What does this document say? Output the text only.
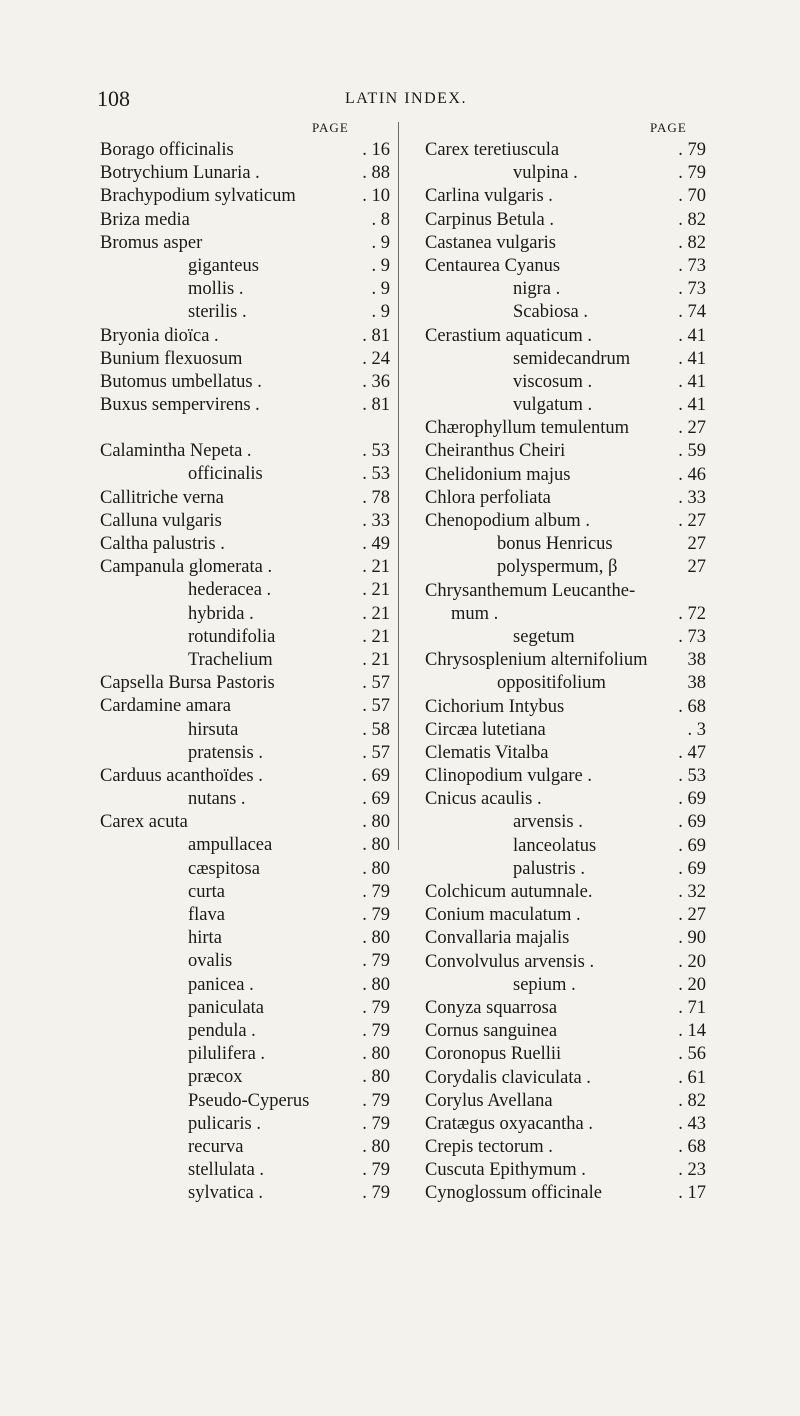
108	LATIN INDEX.
PAGE
Borago officinalis	. 16
Botrychium Lunaria .	. 88
Brachypodium sylvaticum	. 10
Briza media	. 8
Bromus asper	. 9
giganteus	. 9
mollis .	. 9
sterilis .	. 9
Bryonia dioïca .	. 81
Bunium flexuosum	. 24
Butomus umbellatus .	. 36
Buxus sempervirens .	. 81
Calamintha Nepeta .	. 53
officinalis	. 53
Callitriche verna	. 78
Calluna vulgaris	. 33
Caltha palustris .	. 49
Campanula glomerata .	. 21
hederacea .	. 21
hybrida .	. 21
rotundifolia	. 21
Trachelium	. 21
Capsella Bursa Pastoris	. 57
Cardamine amara	. 57
hirsuta	. 58
pratensis .	. 57
Carduus acanthoïdes .	. 69
nutans .	. 69
Carex acuta	. 80
ampullacea	. 80
cæspitosa	. 80
curta	. 79
flava	. 79
hirta	. 80
ovalis	. 79
panicea .	. 80
paniculata	. 79
pendula .	. 79
pilulifera .	. 80
præcox	. 80
Pseudo-Cyperus	. 79
pulicaris .	. 79
recurva	. 80
stellulata .	. 79
sylvatica .	. 79
PAGE
Carex teretiuscula	. 79
vulpina .	. 79
Carlina vulgaris .	. 70
Carpinus Betula .	. 82
Castanea vulgaris	. 82
Centaurea Cyanus	. 73
nigra .	. 73
Scabiosa .	. 74
Cerastium aquaticum .	. 41
semidecandrum	. 41
viscosum .	. 41
vulgatum .	. 41
Chærophyllum temulentum	. 27
Cheiranthus Cheiri	. 59
Chelidonium majus	. 46
Chlora perfoliata	. 33
Chenopodium album .	. 27
bonus Henricus	27
polyspermum, β	27
Chrysanthemum Leucanthe-
mum .	. 72
segetum	. 73
Chrysosplenium alternifolium 38
oppositifolium	38
Cichorium Intybus	. 68
Circæa lutetiana	. 3
Clematis Vitalba	. 47
Clinopodium vulgare .	. 53
Cnicus acaulis .	. 69
arvensis .	. 69
lanceolatus	. 69
palustris .	. 69
Colchicum autumnale.	. 32
Conium maculatum .	. 27
Convallaria majalis	. 90
Convolvulus arvensis .	. 20
sepium .	. 20
Conyza squarrosa	. 71
Cornus sanguinea	. 14
Coronopus Ruellii	. 56
Corydalis claviculata .	. 61
Corylus Avellana	. 82
Cratægus oxyacantha .	. 43
Crepis tectorum .	. 68
Cuscuta Epithymum .	. 23
Cynoglossum officinale	. 17
